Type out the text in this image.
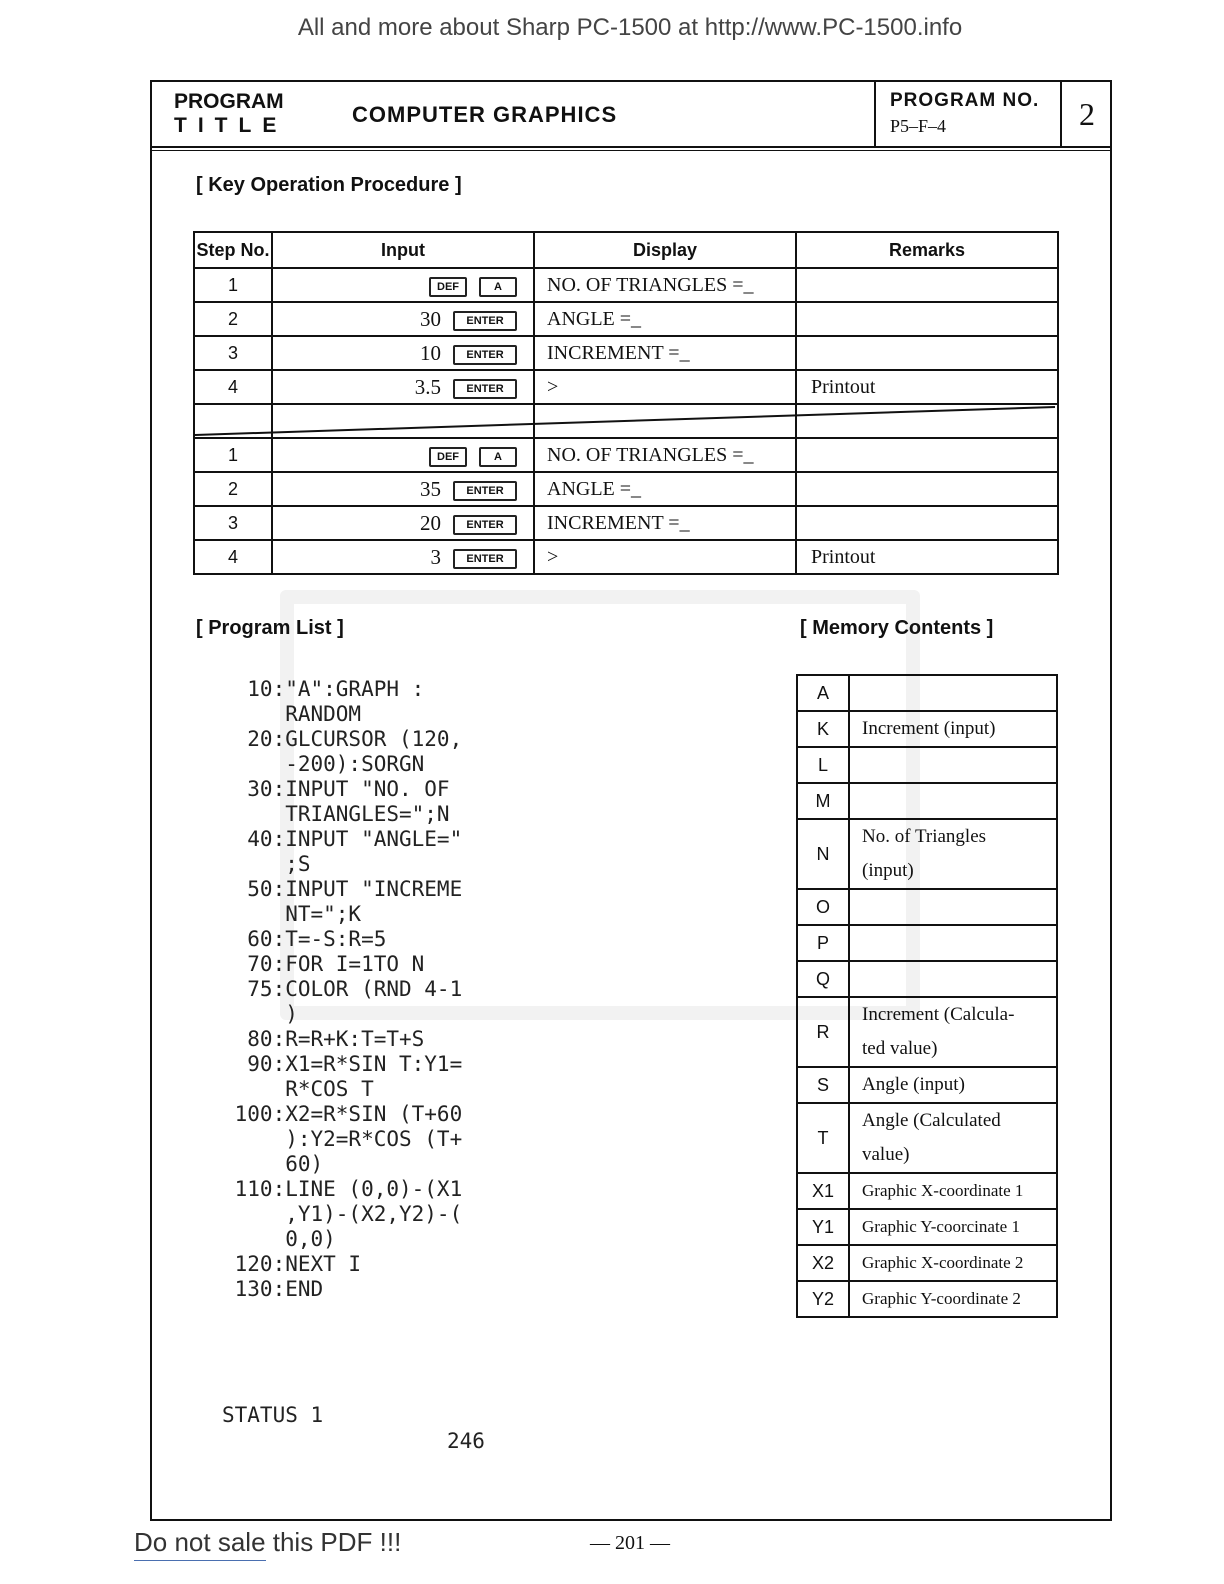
All and more about Sharp PC-1500 at http://www.PC-1500.info
PROGRAM
TITLE	COMPUTER GRAPHICS
PROGRAM NO.
P5–F–4	2
[ Key Operation Procedure ]
Step No.	Input	Display	Remarks
1	DEF A	NO. OF TRIANGLES =_	
2	30 ENTER	ANGLE =_	
3	10 ENTER	INCREMENT =_	
4	3.5 ENTER	>	Printout

1	DEF A	NO. OF TRIANGLES =_	
2	35 ENTER	ANGLE =_	
3	20 ENTER	INCREMENT =_	
4	3 ENTER	>	Printout
[ Program List ]	[ Memory Contents ]
10:"A":GRAPH :
RANDOM
20:GLCURSOR (120,
-200):SORGN
30:INPUT "NO. OF
TRIANGLES=";N
40:INPUT "ANGLE="
;S
50:INPUT "INCREME
NT=";K
60:T=-S:R=5
70:FOR I=1TO N
75:COLOR (RND 4-1
)
80:R=R+K:T=T+S
90:X1=R*SIN T:Y1=
R*COS T
100:X2=R*SIN (T+60
):Y2=R*COS (T+
60)
110:LINE (0,0)-(X1
,Y1)-(X2,Y2)-(
0,0)
120:NEXT I
130:END
STATUS 1
246
A	

K	Increment (input)

L	

M	

N	No. of Triangles
(input)

O	

P	

Q	

R	Increment (Calcula-
ted value)

S	Angle (input)

T	Angle (Calculated
value)

X1	Graphic X-coordinate 1

Y1	Graphic Y-coorcinate 1

X2	Graphic X-coordinate 2

Y2	Graphic Y-coordinate 2
Do not sale this PDF !!!	— 201 —
